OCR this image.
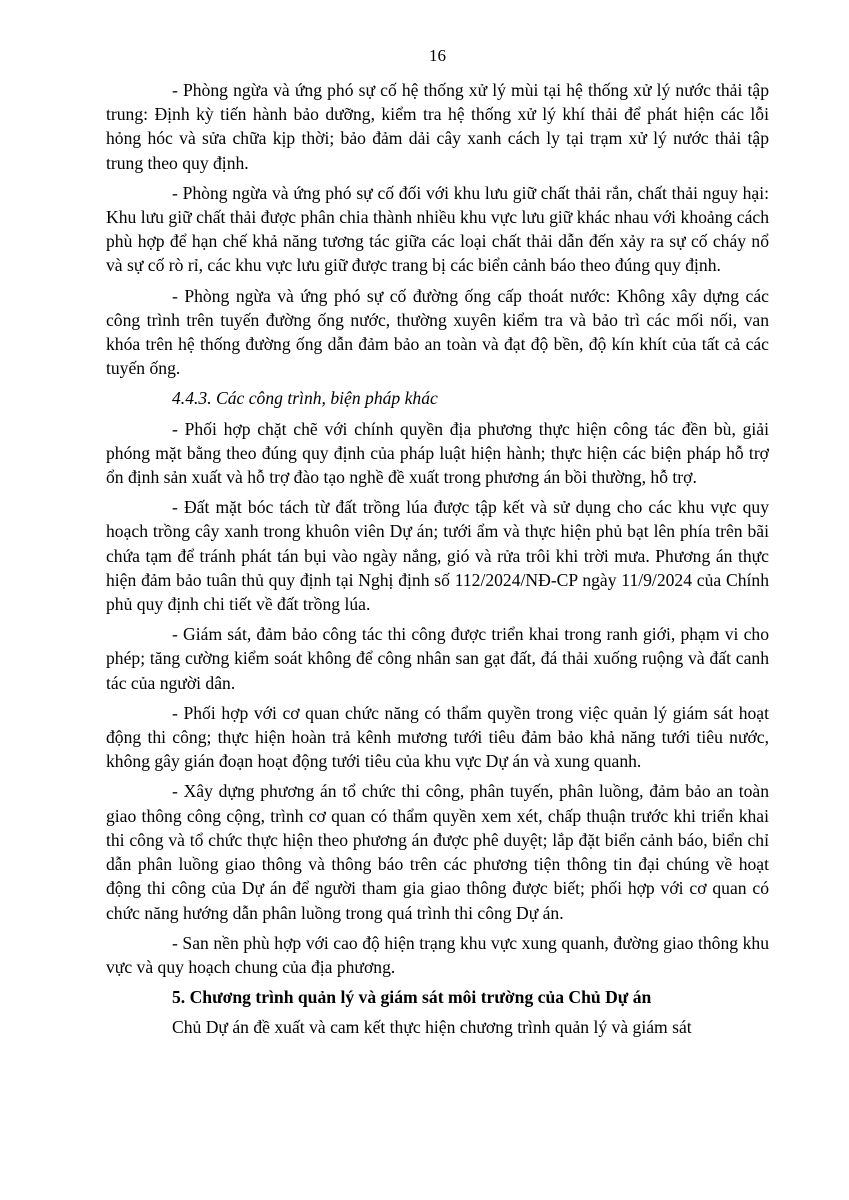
16

- Phòng ngừa và ứng phó sự cố hệ thống xử lý mùi tại hệ thống xử lý nước thải tập trung: Định kỳ tiến hành bảo dưỡng, kiểm tra hệ thống xử lý khí thải để phát hiện các lỗi hỏng hóc và sửa chữa kịp thời; bảo đảm dải cây xanh cách ly tại trạm xử lý nước thải tập trung theo quy định.

- Phòng ngừa và ứng phó sự cố đối với khu lưu giữ chất thải rắn, chất thải nguy hại: Khu lưu giữ chất thải được phân chia thành nhiều khu vực lưu giữ khác nhau với khoảng cách phù hợp để hạn chế khả năng tương tác giữa các loại chất thải dẫn đến xảy ra sự cố cháy nổ và sự cố rò rỉ, các khu vực lưu giữ được trang bị các biển cảnh báo theo đúng quy định.

- Phòng ngừa và ứng phó sự cố đường ống cấp thoát nước: Không xây dựng các công trình trên tuyến đường ống nước, thường xuyên kiểm tra và bảo trì các mối nối, van khóa trên hệ thống đường ống dẫn đảm bảo an toàn và đạt độ bền, độ kín khít của tất cả các tuyến ống.

4.4.3. Các công trình, biện pháp khác

- Phối hợp chặt chẽ với chính quyền địa phương thực hiện công tác đền bù, giải phóng mặt bằng theo đúng quy định của pháp luật hiện hành; thực hiện các biện pháp hỗ trợ ổn định sản xuất và hỗ trợ đào tạo nghề đề xuất trong phương án bồi thường, hỗ trợ.

- Đất mặt bóc tách từ đất trồng lúa được tập kết và sử dụng cho các khu vực quy hoạch trồng cây xanh trong khuôn viên Dự án; tưới ẩm và thực hiện phủ bạt lên phía trên bãi chứa tạm để tránh phát tán bụi vào ngày nắng, gió và rửa trôi khi trời mưa. Phương án thực hiện đảm bảo tuân thủ quy định tại Nghị định số 112/2024/NĐ-CP ngày 11/9/2024 của Chính phủ quy định chi tiết về đất trồng lúa.

- Giám sát, đảm bảo công tác thi công được triển khai trong ranh giới, phạm vi cho phép; tăng cường kiểm soát không để công nhân san gạt đất, đá thải xuống ruộng và đất canh tác của người dân.

- Phối hợp với cơ quan chức năng có thẩm quyền trong việc quản lý giám sát hoạt động thi công; thực hiện hoàn trả kênh mương tưới tiêu đảm bảo khả năng tưới tiêu nước, không gây gián đoạn hoạt động tưới tiêu của khu vực Dự án và xung quanh.

- Xây dựng phương án tổ chức thi công, phân tuyến, phân luồng, đảm bảo an toàn giao thông công cộng, trình cơ quan có thẩm quyền xem xét, chấp thuận trước khi triển khai thi công và tổ chức thực hiện theo phương án được phê duyệt; lắp đặt biển cảnh báo, biển chỉ dẫn phân luồng giao thông và thông báo trên các phương tiện thông tin đại chúng về hoạt động thi công của Dự án để người tham gia giao thông được biết; phối hợp với cơ quan có chức năng hướng dẫn phân luồng trong quá trình thi công Dự án.

- San nền phù hợp với cao độ hiện trạng khu vực xung quanh, đường giao thông khu vực và quy hoạch chung của địa phương.

5. Chương trình quản lý và giám sát môi trường của Chủ Dự án

Chủ Dự án đề xuất và cam kết thực hiện chương trình quản lý và giám sát
